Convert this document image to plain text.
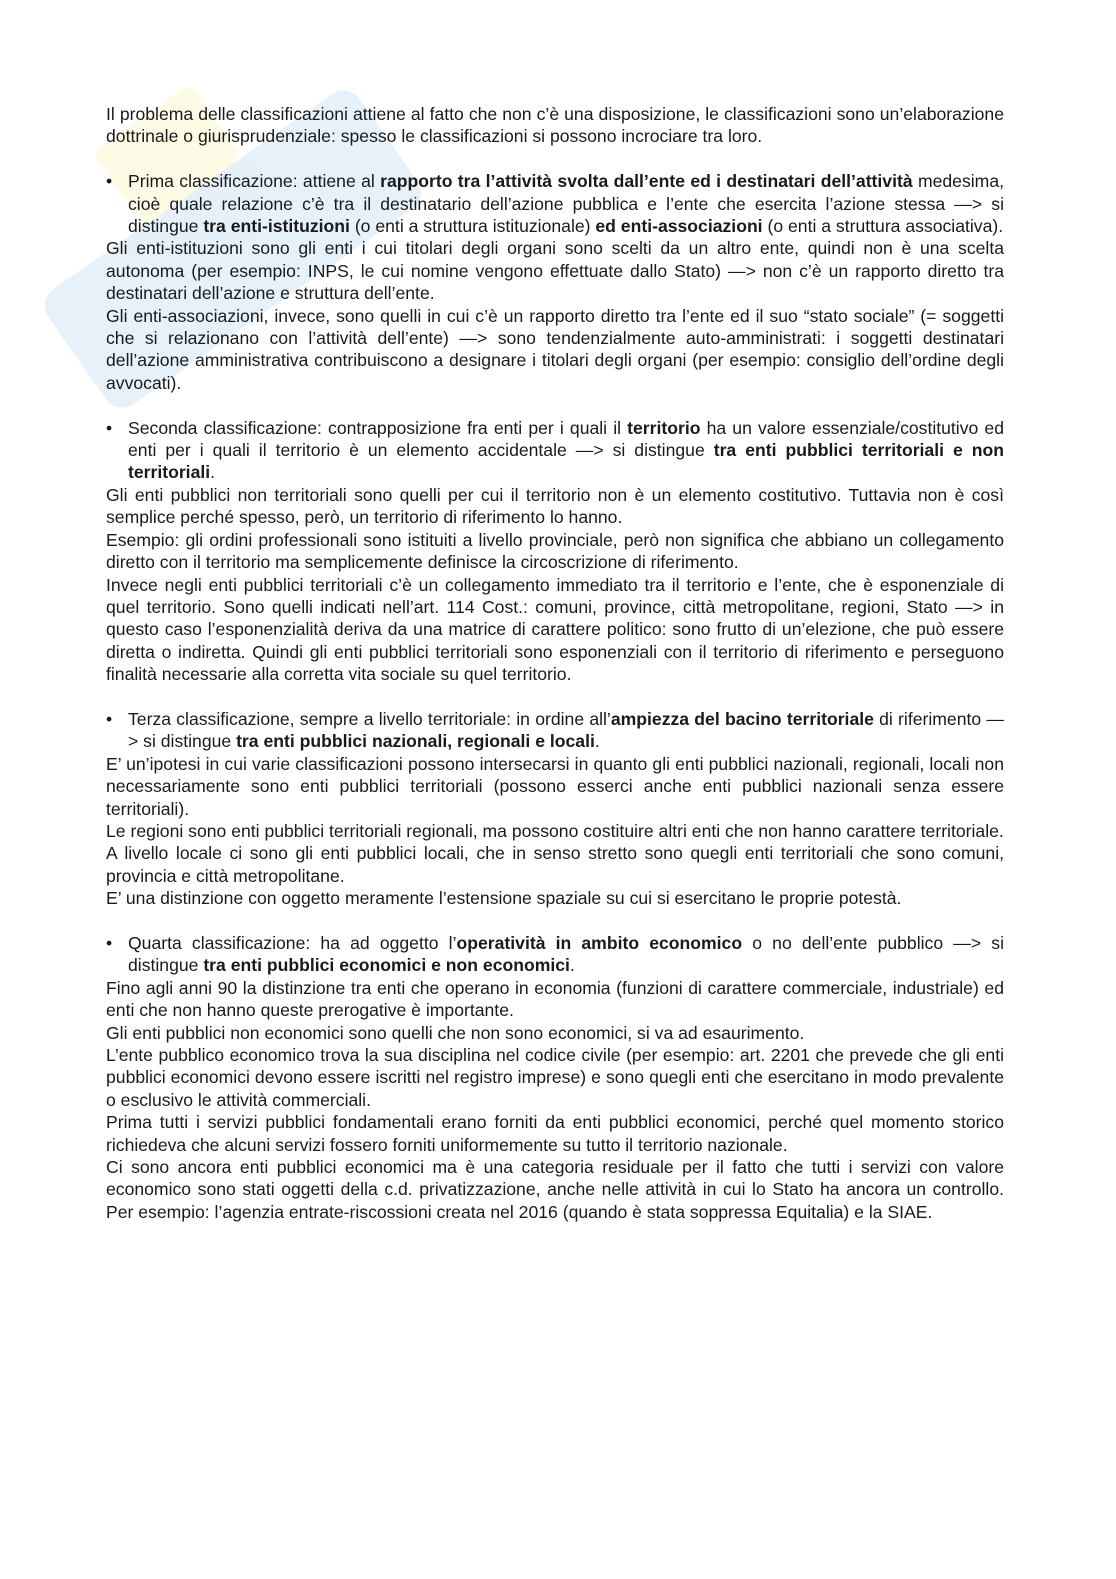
Il problema delle classificazioni attiene al fatto che non c’è una disposizione, le classificazioni sono un’elaborazione dottrinale o giurisprudenziale: spesso le classificazioni si possono incrociare tra loro.

• Prima classificazione: attiene al rapporto tra l’attività svolta dall’ente ed i destinatari dell’attività medesima, cioè quale relazione c’è tra il destinatario dell’azione pubblica e l’ente che esercita l’azione stessa —> si distingue tra enti-istituzioni (o enti a struttura istituzionale) ed enti-associazioni (o enti a struttura associativa).

Gli enti-istituzioni sono gli enti i cui titolari degli organi sono scelti da un altro ente, quindi non è una scelta autonoma (per esempio: INPS, le cui nomine vengono effettuate dallo Stato) —> non c’è un rapporto diretto tra destinatari dell’azione e struttura dell’ente.

Gli enti-associazioni, invece, sono quelli in cui c’è un rapporto diretto tra l’ente ed il suo “stato sociale” (= soggetti che si relazionano con l’attività dell’ente) —> sono tendenzialmente auto-amministrati: i soggetti destinatari dell’azione amministrativa contribuiscono a designare i titolari degli organi (per esempio: consiglio dell’ordine degli avvocati).

• Seconda classificazione: contrapposizione fra enti per i quali il territorio ha un valore essenziale/costitutivo ed enti per i quali il territorio è un elemento accidentale —> si distingue tra enti pubblici territoriali e non territoriali.

Gli enti pubblici non territoriali sono quelli per cui il territorio non è un elemento costitutivo. Tuttavia non è così semplice perché spesso, però, un territorio di riferimento lo hanno.

Esempio: gli ordini professionali sono istituiti a livello provinciale, però non significa che abbiano un collegamento diretto con il territorio ma semplicemente definisce la circoscrizione di riferimento.

Invece negli enti pubblici territoriali c’è un collegamento immediato tra il territorio e l’ente, che è esponenziale di quel territorio. Sono quelli indicati nell’art. 114 Cost.: comuni, province, città metropolitane, regioni, Stato —> in questo caso l’esponenzialità deriva da una matrice di carattere politico: sono frutto di un’elezione, che può essere diretta o indiretta. Quindi gli enti pubblici territoriali sono esponenziali con il territorio di riferimento e perseguono finalità necessarie alla corretta vita sociale su quel territorio.

• Terza classificazione, sempre a livello territoriale: in ordine all’ampiezza del bacino territoriale di riferimento —> si distingue tra enti pubblici nazionali, regionali e locali.

E’ un’ipotesi in cui varie classificazioni possono intersecarsi in quanto gli enti pubblici nazionali, regionali, locali non necessariamente sono enti pubblici territoriali (possono esserci anche enti pubblici nazionali senza essere territoriali).

Le regioni sono enti pubblici territoriali regionali, ma possono costituire altri enti che non hanno carattere territoriale.

A livello locale ci sono gli enti pubblici locali, che in senso stretto sono quegli enti territoriali che sono comuni, provincia e città metropolitane.

E’ una distinzione con oggetto meramente l’estensione spaziale su cui si esercitano le proprie potestà.

• Quarta classificazione: ha ad oggetto l’operatività in ambito economico o no dell’ente pubblico —> si distingue tra enti pubblici economici e non economici.

Fino agli anni 90 la distinzione tra enti che operano in economia (funzioni di carattere commerciale, industriale) ed enti che non hanno queste prerogative è importante.

Gli enti pubblici non economici sono quelli che non sono economici, si va ad esaurimento.

L’ente pubblico economico trova la sua disciplina nel codice civile (per esempio: art. 2201 che prevede che gli enti pubblici economici devono essere iscritti nel registro imprese) e sono quegli enti che esercitano in modo prevalente o esclusivo le attività commerciali.

Prima tutti i servizi pubblici fondamentali erano forniti da enti pubblici economici, perché quel momento storico richiedeva che alcuni servizi fossero forniti uniformemente su tutto il territorio nazionale.

Ci sono ancora enti pubblici economici ma è una categoria residuale per il fatto che tutti i servizi con valore economico sono stati oggetti della c.d. privatizzazione, anche nelle attività in cui lo Stato ha ancora un controllo. Per esempio: l’agenzia entrate-riscossioni creata nel 2016 (quando è stata soppressa Equitalia) e la SIAE.
